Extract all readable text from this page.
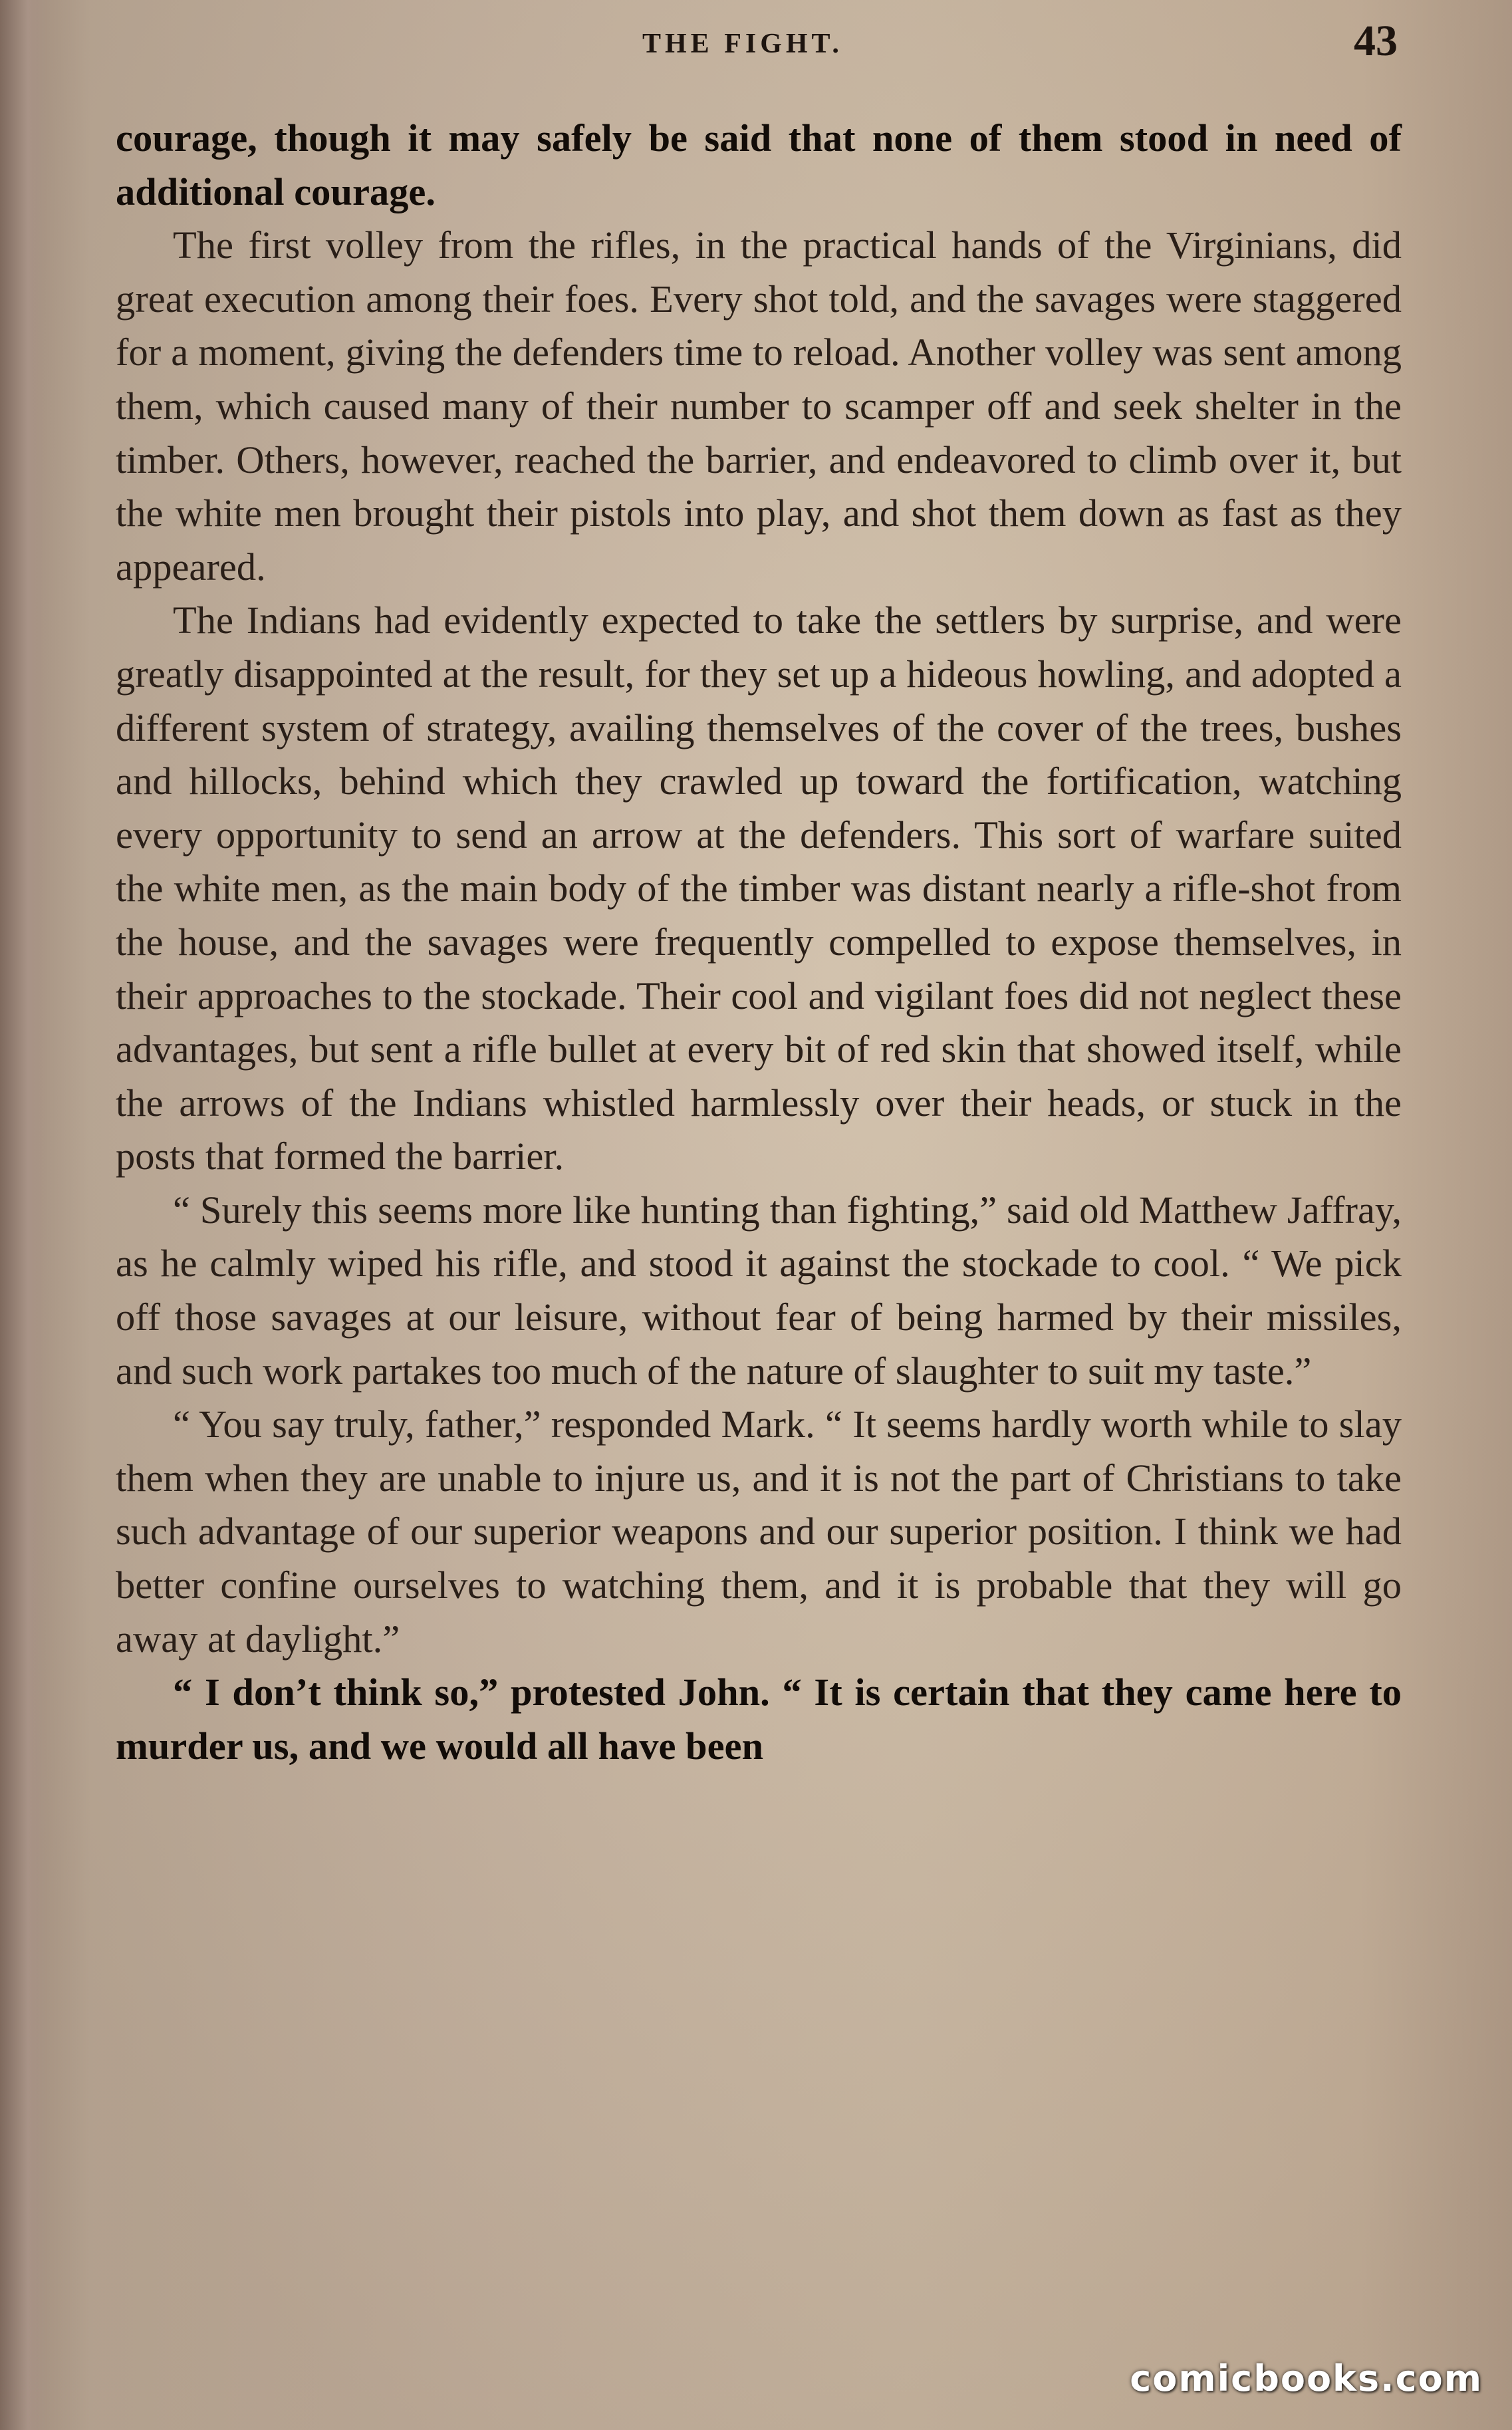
THE FIGHT.	43

courage, though it may safely be said that none of them stood in need of additional courage.

The first volley from the rifles, in the practical hands of the Virginians, did great execution among their foes. Every shot told, and the savages were staggered for a moment, giving the defenders time to reload. Another volley was sent among them, which caused many of their number to scamper off and seek shelter in the timber. Others, however, reached the barrier, and endeavored to climb over it, but the white men brought their pistols into play, and shot them down as fast as they appeared.

The Indians had evidently expected to take the settlers by surprise, and were greatly disappointed at the result, for they set up a hideous howling, and adopted a different system of strategy, availing themselves of the cover of the trees, bushes and hillocks, behind which they crawled up toward the fortification, watching every opportunity to send an arrow at the defenders. This sort of warfare suited the white men, as the main body of the timber was distant nearly a rifle-shot from the house, and the savages were frequently compelled to expose themselves, in their approaches to the stockade. Their cool and vigilant foes did not neglect these advantages, but sent a rifle bullet at every bit of red skin that showed itself, while the arrows of the Indians whistled harmlessly over their heads, or stuck in the posts that formed the barrier.

“ Surely this seems more like hunting than fighting,” said old Matthew Jaffray, as he calmly wiped his rifle, and stood it against the stockade to cool. “ We pick off those savages at our leisure, without fear of being harmed by their missiles, and such work partakes too much of the nature of slaughter to suit my taste.”

“ You say truly, father,” responded Mark. “ It seems hardly worth while to slay them when they are unable to injure us, and it is not the part of Christians to take such advantage of our superior weapons and our superior position. I think we had better confine ourselves to watching them, and it is probable that they will go away at daylight.”

“ I don’t think so,” protested John. “ It is certain that they came here to murder us, and we would all have been

comicbooks.com
